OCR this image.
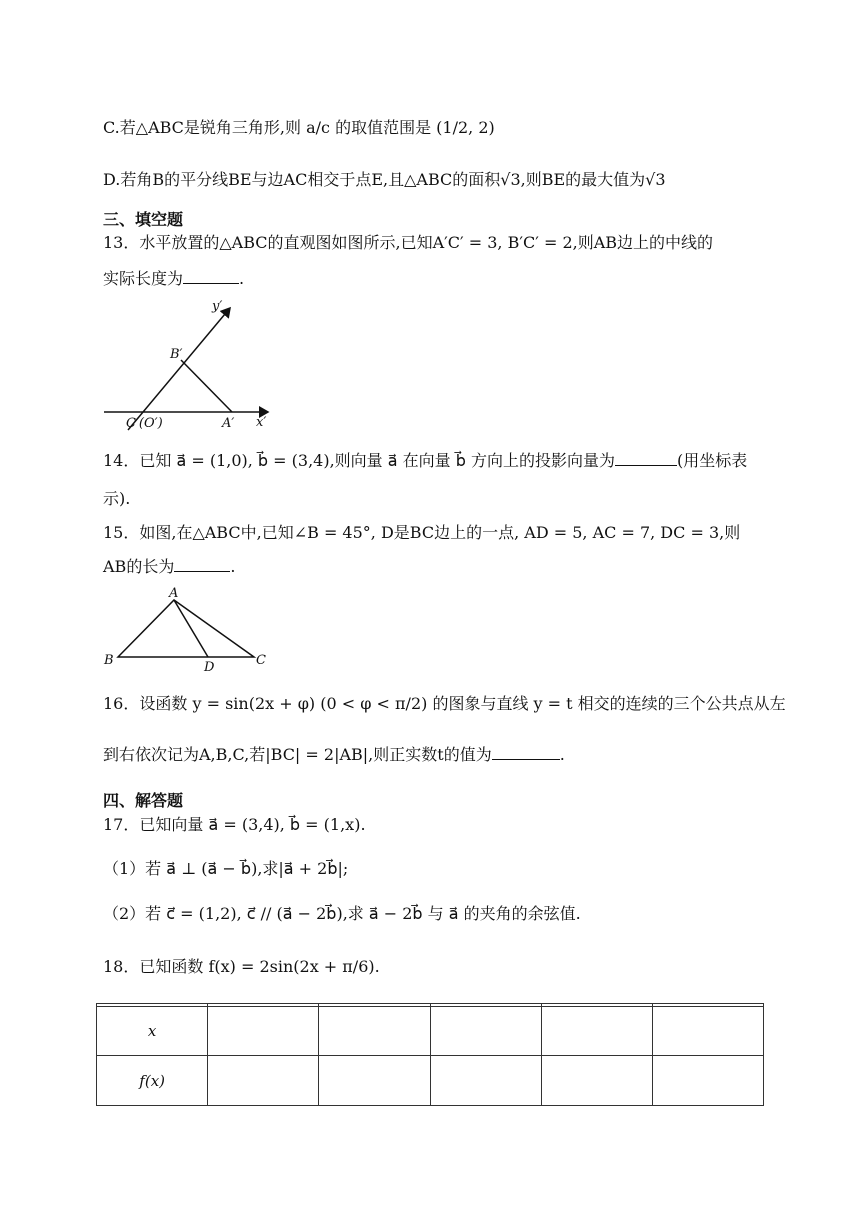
C.若△ABC是锐角三角形,则 a/c 的取值范围是 (1/2, 2)
D.若角B的平分线BE与边AC相交于点E,且△ABC的面积√3,则BE的最大值为√3
三、填空题
13．水平放置的△ABC的直观图如图所示,已知A′C′ = 3, B′C′ = 2,则AB边上的中线的
实际长度为	.
y′
x′
B′
C′(O′)	A′
14．已知 a⃗ = (1,0), b⃗ = (3,4),则向量 a⃗ 在向量 b⃗ 方向上的投影向量为	(用坐标表
示).
15．如图,在△ABC中,已知∠B = 45°, D是BC边上的一点, AD = 5, AC = 7, DC = 3,则
AB的长为	.
A
B	C
D
16．设函数 y = sin(2x + φ) (0 < φ < π/2) 的图象与直线 y = t 相交的连续的三个公共点从左
到右依次记为A,B,C,若|BC| = 2|AB|,则正实数t的值为	.
四、解答题
17．已知向量 a⃗ = (3,4), b⃗ = (1,x).
（1）若 a⃗ ⊥ (a⃗ − b⃗),求|a⃗ + 2b⃗|;
（2）若 c⃗ = (1,2), c⃗ // (a⃗ − 2b⃗),求 a⃗ − 2b⃗ 与 a⃗ 的夹角的余弦值.
18．已知函数 f(x) = 2sin(2x + π/6).

x					
f(x)					
